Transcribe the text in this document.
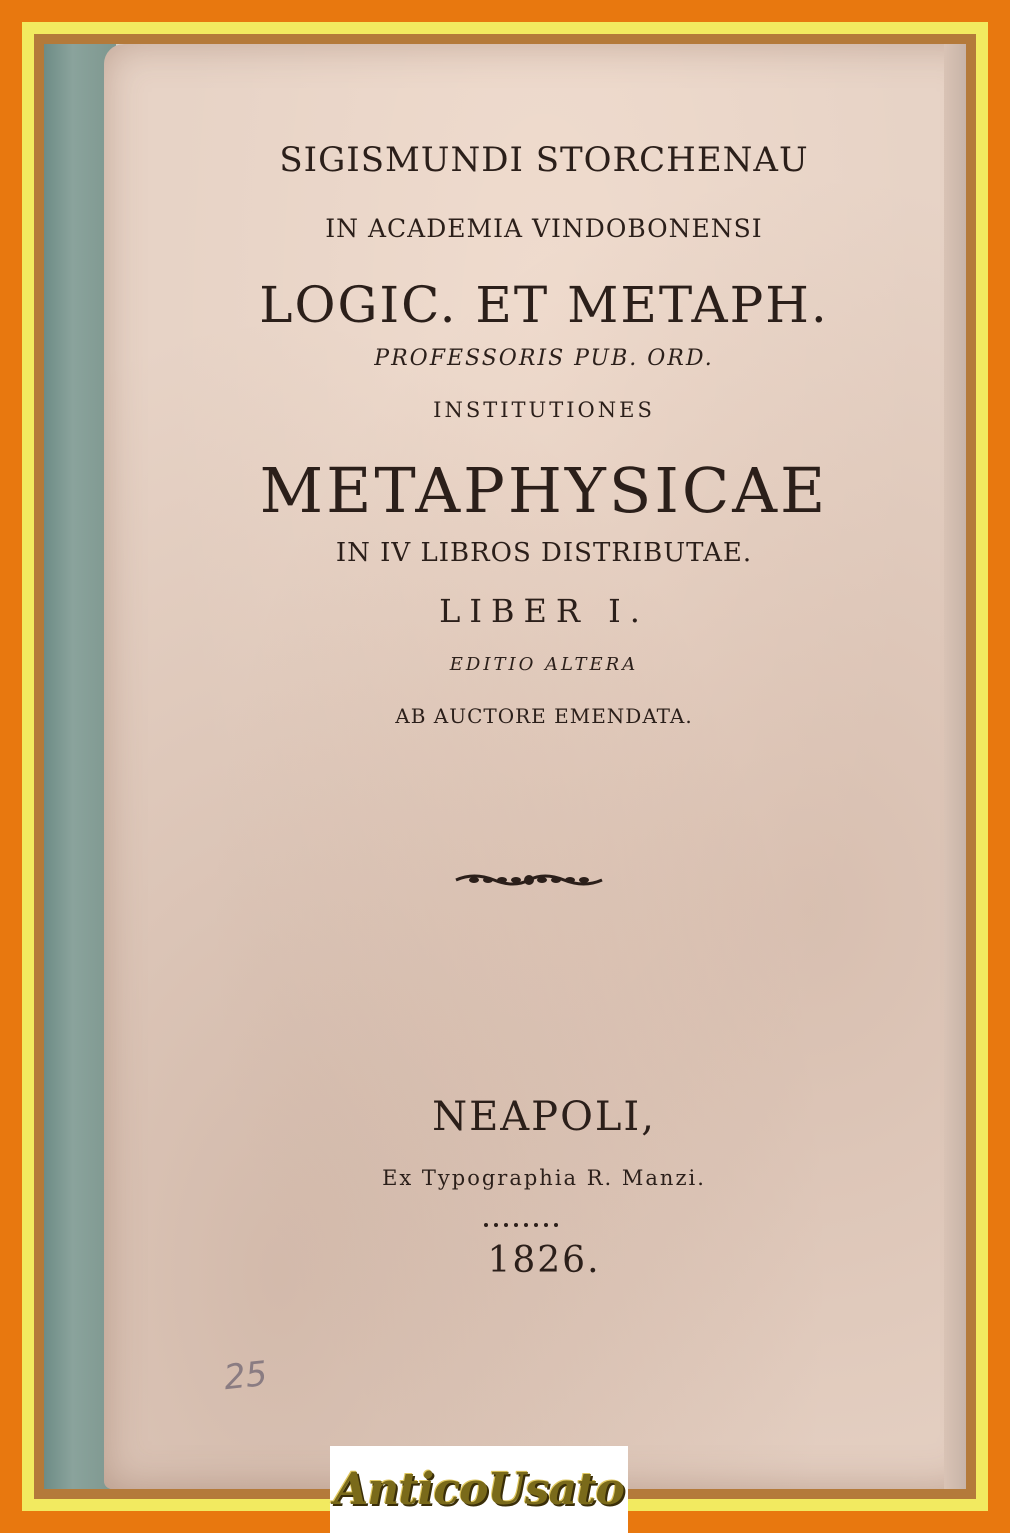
SIGISMUNDI STORCHENAU
IN ACADEMIA VINDOBONENSI
LOGIC. ET METAPH.
PROFESSORIS PUB. ORD.
INSTITUTIONES
METAPHYSICAE
IN IV LIBROS DISTRIBUTAE.
LIBER I.
EDITIO ALTERA
AB AUCTORE EMENDATA.
NEAPOLI,
Ex Typographia R. Manzi.
1826.
25
AnticoUsato
